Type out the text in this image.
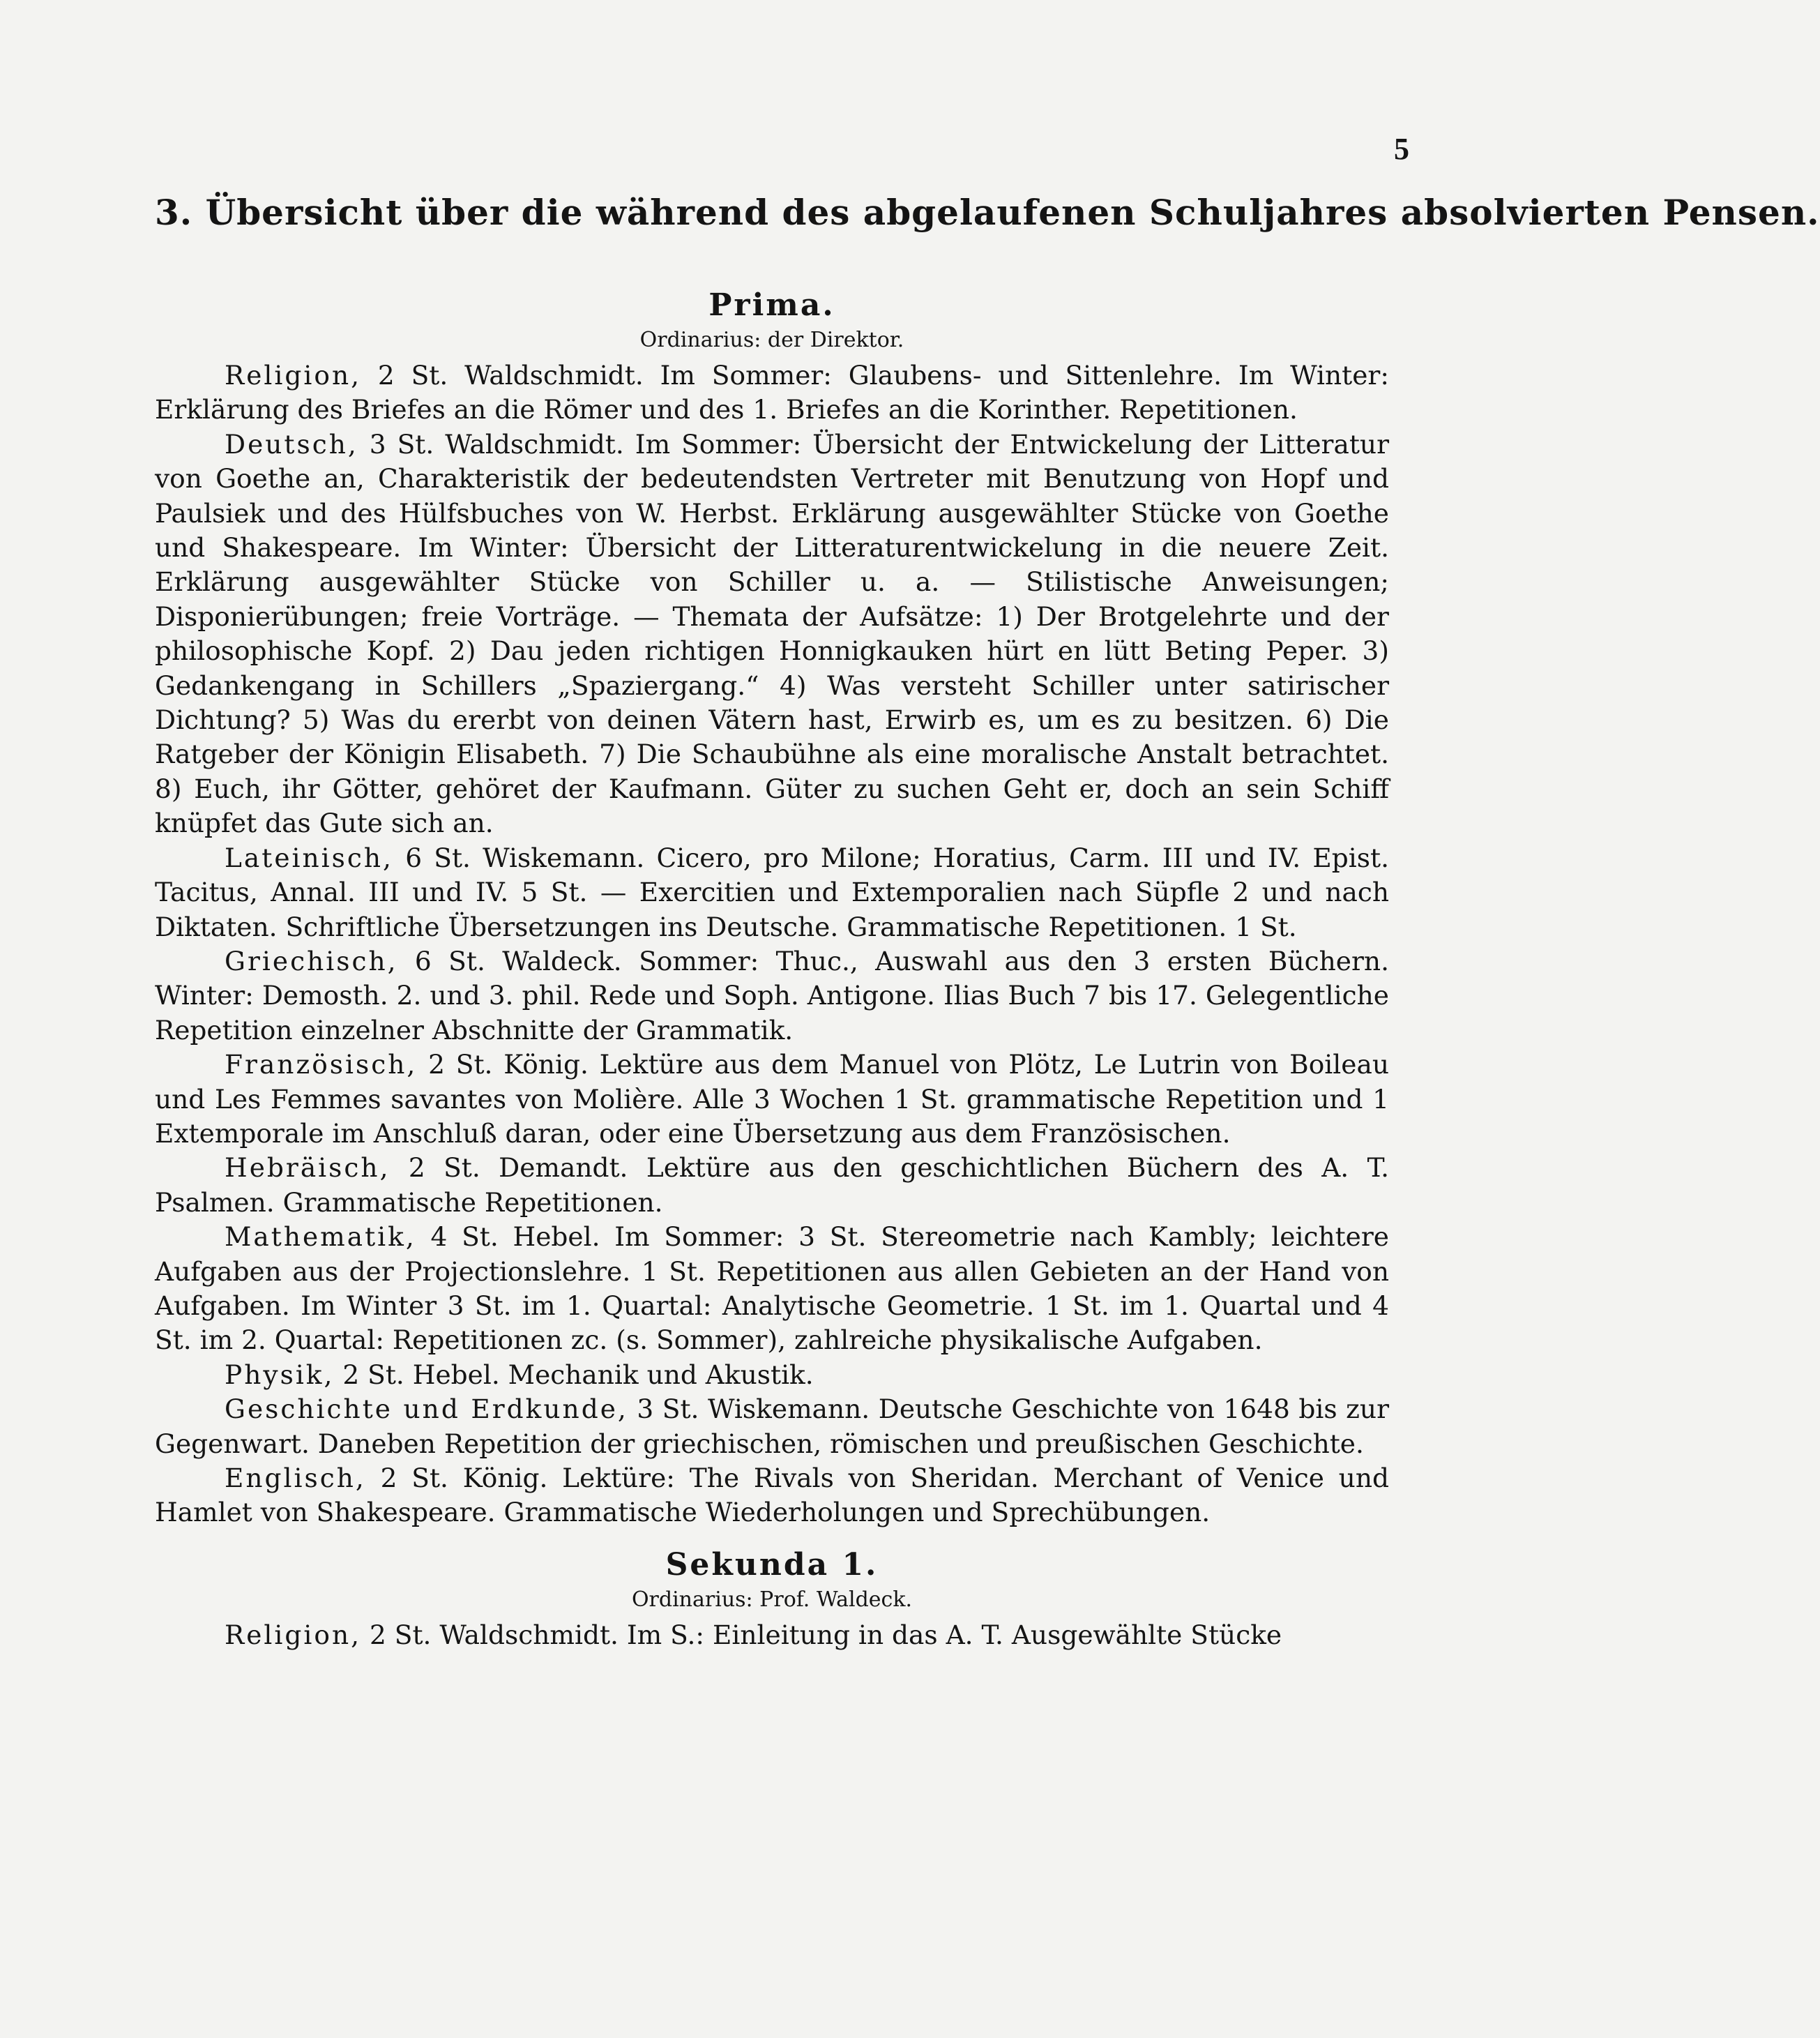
5
3. Übersicht über die während des abgelaufenen Schuljahres absolvierten Pensen.
Prima.
Ordinarius: der Direktor.

Religion, 2 St. Waldschmidt. Im Sommer: Glaubens- und Sittenlehre. Im Winter: Erklärung des Briefes an die Römer und des 1. Briefes an die Korinther. Repetitionen.

Deutsch, 3 St. Waldschmidt. Im Sommer: Übersicht der Entwickelung der Litteratur von Goethe an, Charakteristik der bedeutendsten Vertreter mit Benutzung von Hopf und Paulsiek und des Hülfsbuches von W. Herbst. Erklärung ausgewählter Stücke von Goethe und Shakespeare. Im Winter: Übersicht der Litteraturentwickelung in die neuere Zeit. Erklärung ausgewählter Stücke von Schiller u. a. — Stilistische Anweisungen; Disponierübungen; freie Vorträge. — Themata der Aufsätze: 1) Der Brotgelehrte und der philosophische Kopf. 2) Dau jeden richtigen Honnigkauken hürt en lütt Beting Peper. 3) Gedankengang in Schillers „Spaziergang.“ 4) Was versteht Schiller unter satirischer Dichtung? 5) Was du ererbt von deinen Vätern hast, Erwirb es, um es zu besitzen. 6) Die Ratgeber der Königin Elisabeth. 7) Die Schaubühne als eine moralische Anstalt betrachtet. 8) Euch, ihr Götter, gehöret der Kaufmann. Güter zu suchen Geht er, doch an sein Schiff knüpfet das Gute sich an.

Lateinisch, 6 St. Wiskemann. Cicero, pro Milone; Horatius, Carm. III und IV. Epist. Tacitus, Annal. III und IV. 5 St. — Exercitien und Extemporalien nach Süpfle 2 und nach Diktaten. Schriftliche Übersetzungen ins Deutsche. Grammatische Repetitionen. 1 St.

Griechisch, 6 St. Waldeck. Sommer: Thuc., Auswahl aus den 3 ersten Büchern. Winter: Demosth. 2. und 3. phil. Rede und Soph. Antigone. Ilias Buch 7 bis 17. Gelegentliche Repetition einzelner Abschnitte der Grammatik.

Französisch, 2 St. König. Lektüre aus dem Manuel von Plötz, Le Lutrin von Boileau und Les Femmes savantes von Molière. Alle 3 Wochen 1 St. grammatische Repetition und 1 Extemporale im Anschluß daran, oder eine Übersetzung aus dem Französischen.

Hebräisch, 2 St. Demandt. Lektüre aus den geschichtlichen Büchern des A. T. Psalmen. Grammatische Repetitionen.

Mathematik, 4 St. Hebel. Im Sommer: 3 St. Stereometrie nach Kambly; leichtere Aufgaben aus der Projectionslehre. 1 St. Repetitionen aus allen Gebieten an der Hand von Aufgaben. Im Winter 3 St. im 1. Quartal: Analytische Geometrie. 1 St. im 1. Quartal und 4 St. im 2. Quartal: Repetitionen zc. (s. Sommer), zahlreiche physikalische Aufgaben.

Physik, 2 St. Hebel. Mechanik und Akustik.

Geschichte und Erdkunde, 3 St. Wiskemann. Deutsche Geschichte von 1648 bis zur Gegenwart. Daneben Repetition der griechischen, römischen und preußischen Geschichte.

Englisch, 2 St. König. Lektüre: The Rivals von Sheridan. Merchant of Venice und Hamlet von Shakespeare. Grammatische Wiederholungen und Sprechübungen.

Sekunda 1.
Ordinarius: Prof. Waldeck.

Religion, 2 St. Waldschmidt. Im S.: Einleitung in das A. T. Ausgewählte Stücke
